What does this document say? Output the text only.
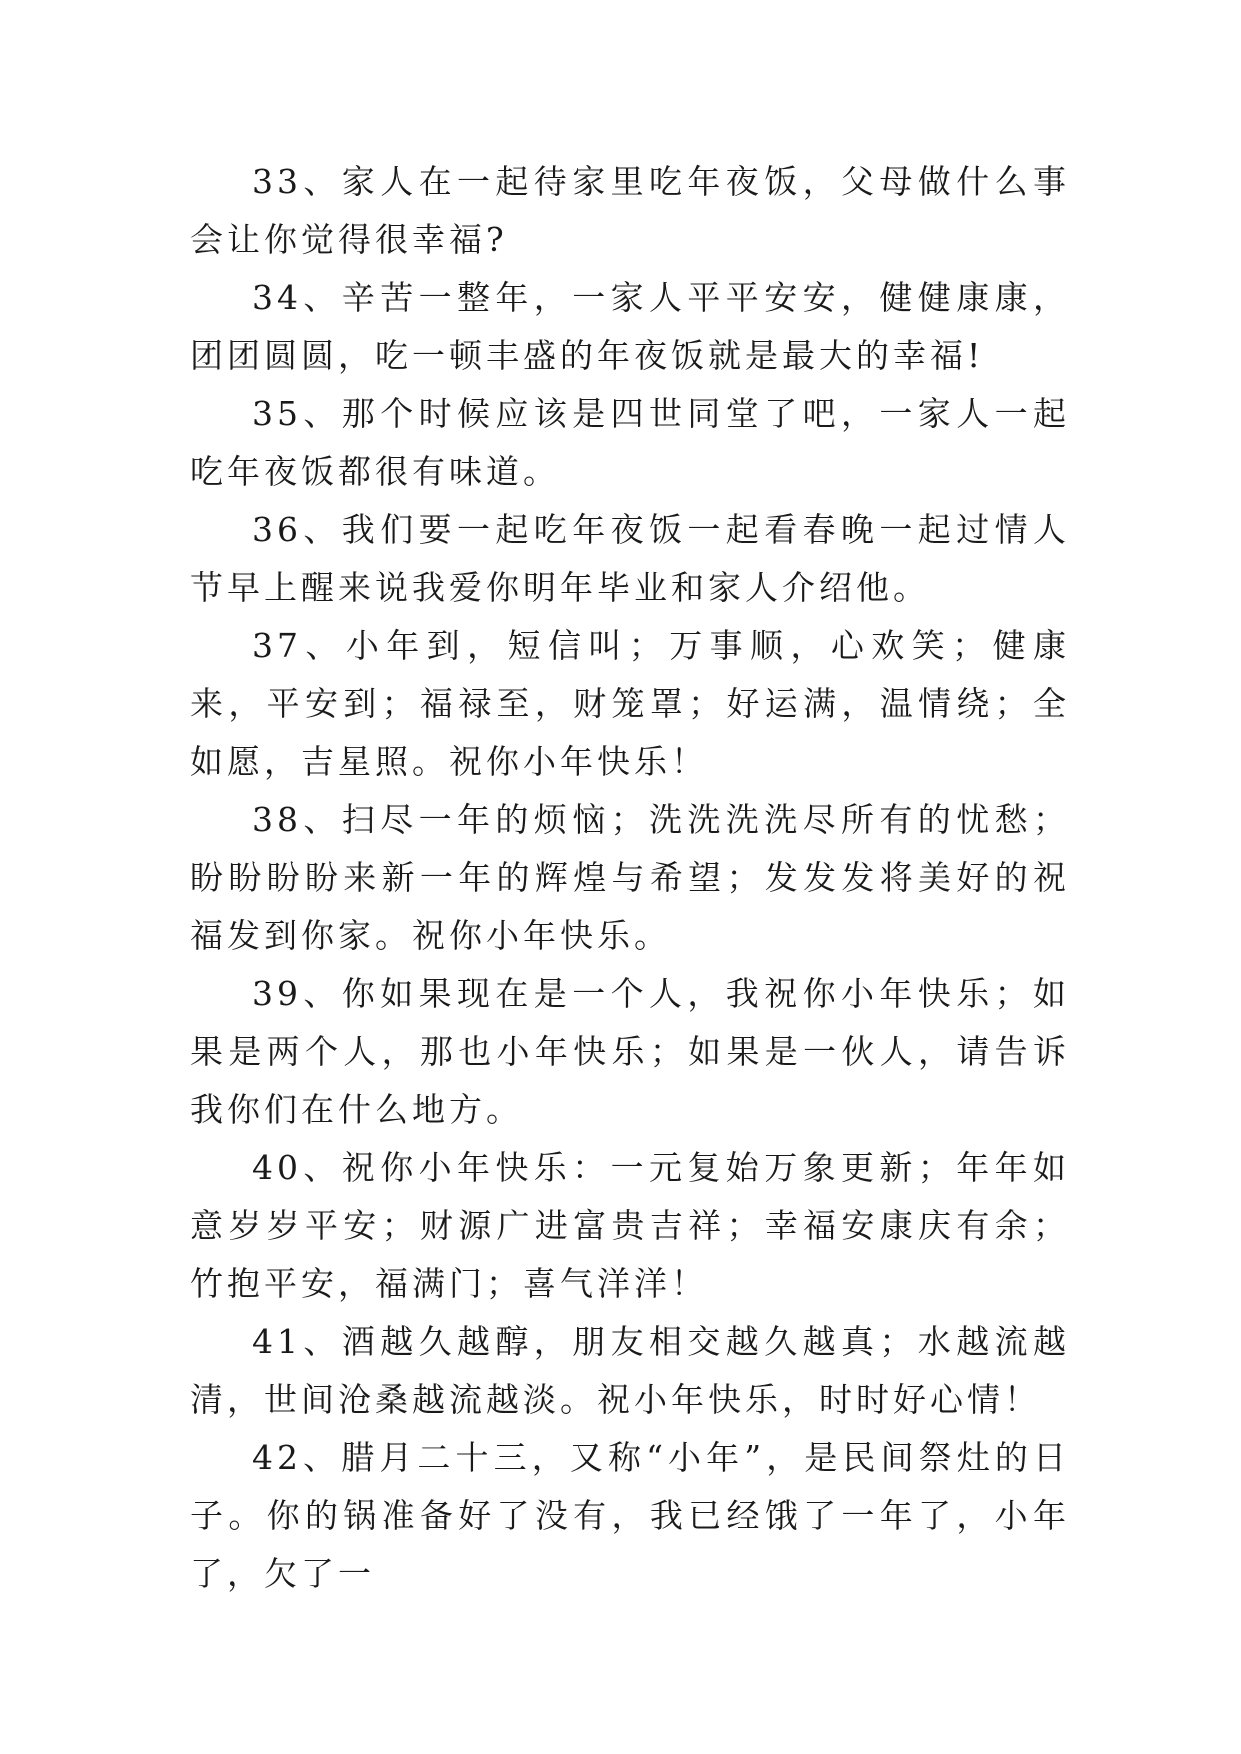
33、家人在一起待家里吃年夜饭，父母做什么事会让你觉得很幸福?

34、辛苦一整年，一家人平平安安，健健康康，团团圆圆，吃一顿丰盛的年夜饭就是最大的幸福!

35、那个时候应该是四世同堂了吧，一家人一起吃年夜饭都很有味道。

36、我们要一起吃年夜饭一起看春晚一起过情人节早上醒来说我爱你明年毕业和家人介绍他。

37、小年到，短信叫；万事顺，心欢笑；健康来，平安到；福禄至，财笼罩；好运满，温情绕；全如愿，吉星照。祝你小年快乐！

38、扫尽一年的烦恼；洗洗洗洗尽所有的忧愁；盼盼盼盼来新一年的辉煌与希望；发发发将美好的祝福发到你家。祝你小年快乐。

39、你如果现在是一个人，我祝你小年快乐；如果是两个人，那也小年快乐；如果是一伙人，请告诉我你们在什么地方。

40、祝你小年快乐：一元复始万象更新；年年如意岁岁平安；财源广进富贵吉祥；幸福安康庆有余；竹抱平安，福满门；喜气洋洋！

41、酒越久越醇，朋友相交越久越真；水越流越清，世间沧桑越流越淡。祝小年快乐，时时好心情！

42、腊月二十三，又称“小年”，是民间祭灶的日子。你的锅准备好了没有，我已经饿了一年了，小年了，欠了一
